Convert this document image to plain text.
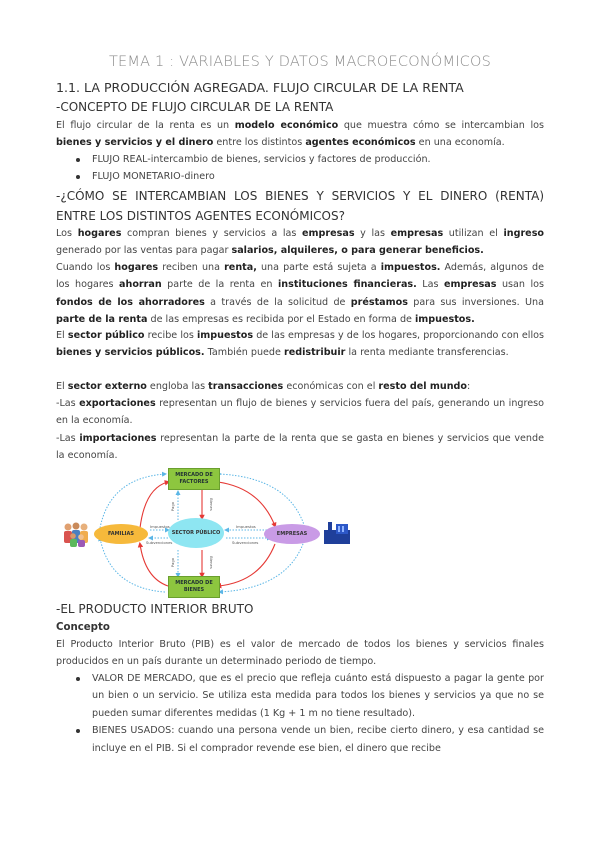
TEMA 1 : VARIABLES Y DATOS MACROECONÓMICOS
1.1. LA PRODUCCIÓN AGREGADA. FLUJO CIRCULAR DE LA RENTA
-CONCEPTO DE FLUJO CIRCULAR DE LA RENTA
El flujo circular de la renta es un modelo económico que muestra cómo se intercambian los bienes y servicios y el dinero entre los distintos agentes económicos en una economía.
FLUJO REAL-intercambio de bienes, servicios y factores de producción.
FLUJO MONETARIO-dinero
-¿CÓMO SE INTERCAMBIAN LOS BIENES Y SERVICIOS Y EL DINERO (RENTA) ENTRE LOS DISTINTOS AGENTES ECONÓMICOS?
Los hogares compran bienes y servicios a las empresas y las empresas utilizan el ingreso generado por las ventas para pagar salarios, alquileres, o para generar beneficios.
Cuando los hogares reciben una renta, una parte está sujeta a impuestos. Además, algunos de los hogares ahorran parte de la renta en instituciones financieras. Las empresas usan los fondos de los ahorradores a través de la solicitud de préstamos para sus inversiones. Una parte de la renta de las empresas es recibida por el Estado en forma de impuestos.
El sector público recibe los impuestos de las empresas y de los hogares, proporcionando con ellos bienes y servicios públicos. También puede redistribuir la renta mediante transferencias.
El sector externo engloba las transacciones económicas con el resto del mundo:
-Las exportaciones representan un flujo de bienes y servicios fuera del país, generando un ingreso en la economía.
-Las importaciones representan la parte de la renta que se gasta en bienes y servicios que vende la economía.
MERCADO DE FACTORES
MERCADO DE BIENES
FAMILIAS	EMPRESAS
SECTOR PÚBLICO
Impuestos
Subvenciones
Impuestos
Subvenciones
Pago	Bienes
Pago	Bienes
-EL PRODUCTO INTERIOR BRUTO
Concepto
El Producto Interior Bruto (PIB) es el valor de mercado de todos los bienes y servicios finales producidos en un país durante un determinado periodo de tiempo.
VALOR DE MERCADO, que es el precio que refleja cuánto está dispuesto a pagar la gente por un bien o un servicio. Se utiliza esta medida para todos los bienes y servicios ya que no se pueden sumar diferentes medidas (1 Kg + 1 m no tiene resultado).
BIENES USADOS: cuando una persona vende un bien, recibe cierto dinero, y esa cantidad se incluye en el PIB. Si el comprador revende ese bien, el dinero que recibe
